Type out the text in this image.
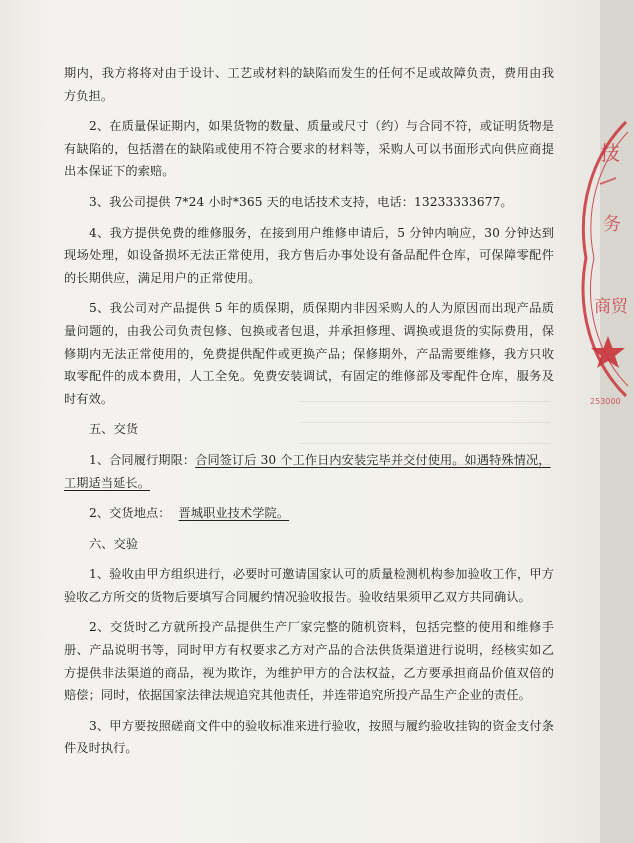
期内，我方将将对由于设计、工艺或材料的缺陷而发生的任何不足或故障负责，费用由我方负担。

2、在质量保证期内，如果货物的数量、质量或尺寸（约）与合同不符，或证明货物是有缺陷的，包括潜在的缺陷或使用不符合要求的材料等，采购人可以书面形式向供应商提出本保证下的索赔。

3、我公司提供 7*24 小时*365 天的电话技术支持，电话：13233333677。

4、我方提供免费的维修服务，在接到用户维修申请后，5 分钟内响应，30 分钟达到现场处理，如设备损坏无法正常使用，我方售后办事处设有备品配件仓库，可保障零配件的长期供应，满足用户的正常使用。

5、我公司对产品提供 5 年的质保期，质保期内非因采购人的人为原因而出现产品质量问题的，由我公司负责包修、包换或者包退，并承担修理、调换或退货的实际费用，保修期内无法正常使用的，免费提供配件或更换产品；保修期外，产品需要维修，我方只收取零配件的成本费用，人工全免。免费安装调试，有固定的维修部及零配件仓库，服务及时有效。

五、交货

1、合同履行期限：合同签订后 30 个工作日内安装完毕并交付使用。如遇特殊情况，
工期适当延长。

2、交货地点： 晋城职业技术学院。

六、交验

1、验收由甲方组织进行，必要时可邀请国家认可的质量检测机构参加验收工作，甲方验收乙方所交的货物后要填写合同履约情况验收报告。验收结果须甲乙双方共同确认。

2、交货时乙方就所投产品提供生产厂家完整的随机资料，包括完整的使用和维修手册、产品说明书等，同时甲方有权要求乙方对产品的合法供货渠道进行说明，经核实如乙方提供非法渠道的商品，视为欺诈，为维护甲方的合法权益，乙方要承担商品价值双倍的赔偿；同时，依据国家法律法规追究其他责任，并连带追究所投产品生产企业的责任。

3、甲方要按照磋商文件中的验收标准来进行验收，按照与履约验收挂钩的资金支付条件及时执行。

技
务
商贸
253000
